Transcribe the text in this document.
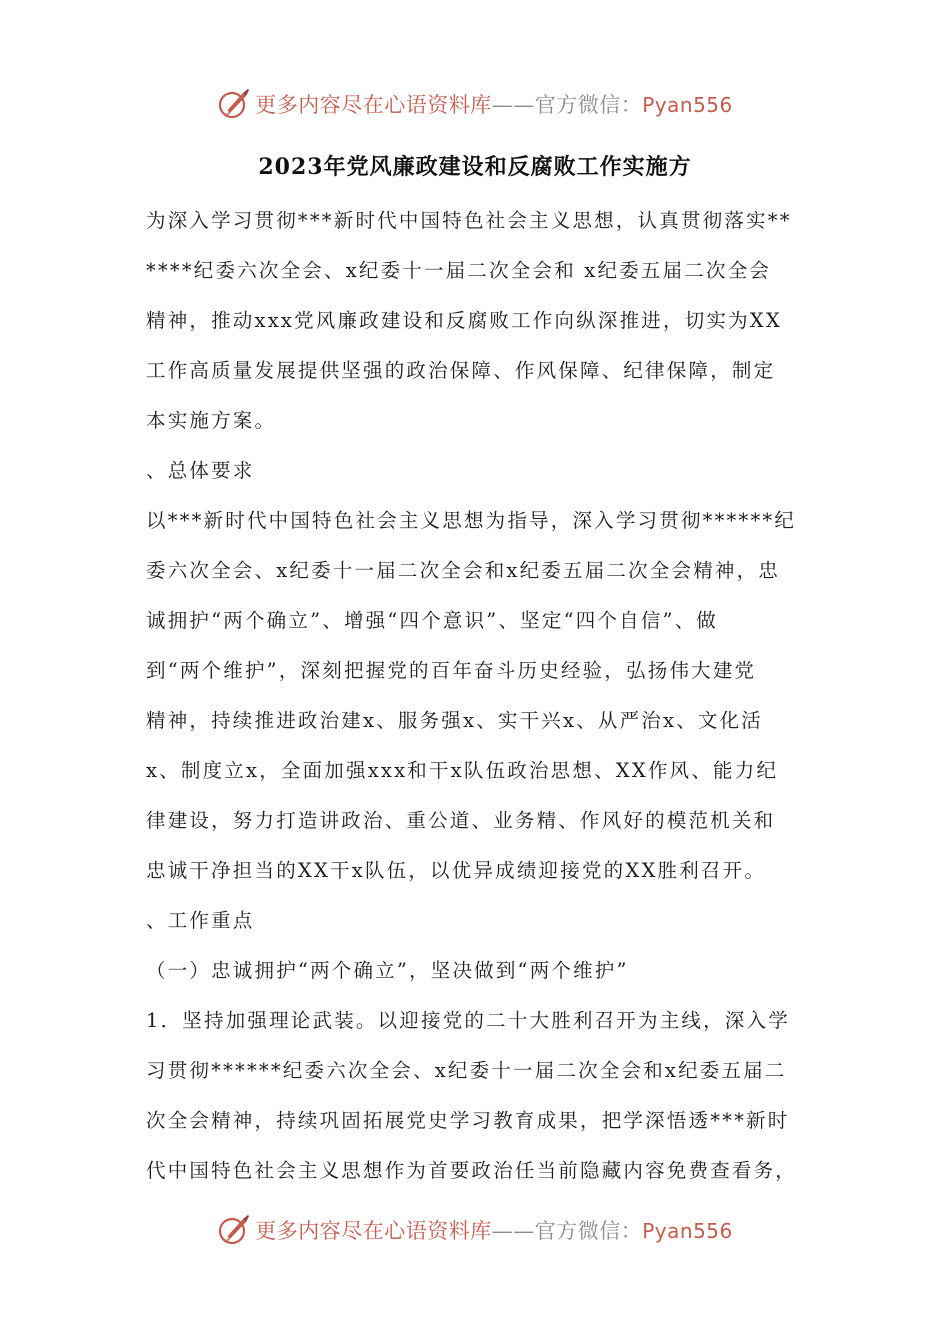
更多内容尽在心语资料库——官方微信：Pyan556
2023年党风廉政建设和反腐败工作实施方
为深入学习贯彻***新时代中国特色社会主义思想，认真贯彻落实**
****纪委六次全会、x纪委十一届二次全会和 x纪委五届二次全会
精神，推动xxx党风廉政建设和反腐败工作向纵深推进，切实为XX
工作高质量发展提供坚强的政治保障、作风保障、纪律保障，制定
本实施方案。
、总体要求
以***新时代中国特色社会主义思想为指导，深入学习贯彻******纪
委六次全会、x纪委十一届二次全会和x纪委五届二次全会精神，忠
诚拥护“两个确立”、增强“四个意识”、坚定“四个自信”、做
到“两个维护”，深刻把握党的百年奋斗历史经验，弘扬伟大建党
精神，持续推进政治建x、服务强x、实干兴x、从严治x、文化活
x、制度立x，全面加强xxx和干x队伍政治思想、XX作风、能力纪
律建设，努力打造讲政治、重公道、业务精、作风好的模范机关和
忠诚干净担当的XX干x队伍，以优异成绩迎接党的XX胜利召开。
、工作重点
（一）忠诚拥护“两个确立”，坚决做到“两个维护”
1．坚持加强理论武装。以迎接党的二十大胜利召开为主线，深入学
习贯彻******纪委六次全会、x纪委十一届二次全会和x纪委五届二
次全会精神，持续巩固拓展党史学习教育成果，把学深悟透***新时
代中国特色社会主义思想作为首要政治任当前隐藏内容免费查看务，
更多内容尽在心语资料库——官方微信：Pyan556
